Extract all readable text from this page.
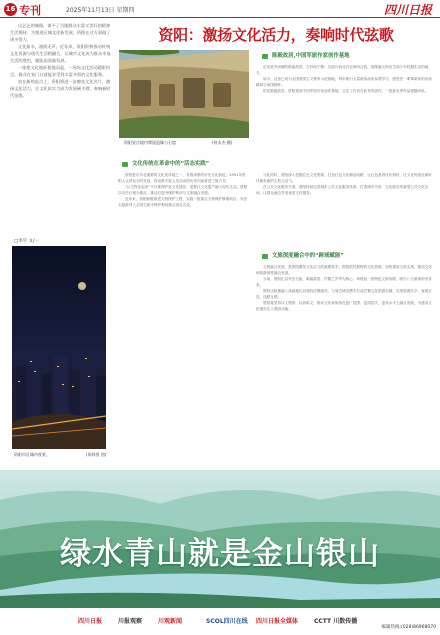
16 专刊	2025年11月13日 星期四	四川日报

山乞乞的城阁，寄予了当地群众丰富又美好的精神生活期待。为推进区域文化新发展，资阳在这方面做了诸多努力。

文化如水，滋润无声。近年来，资阳积极推动传统文化资源与现代生活相融合，让城市文化成为群众幸福生活的底色，赋能高质量发展。

一座座文化地标拔地而起，一场场文化活动精彩纷呈，群众在家门口就能享受到丰富多彩的文化服务。

站在新的起点上，资阳将进一步擦亮文化名片，激扬文化活力，让文化软实力成为发展硬支撑，奏响新时代弦歌。

□李宇 文/一
资阳市区城市夜景。	(资料图 图)
资阳：激扬文化活力，奏响时代弦歌
资阳安岳境内摩崖造像与石窟	(何永杰 摄)
陈毅故居,中国军旅作家创作基地

乐至县劳动镇的陈毅故居，古朴而宁静。这座川西北式农家四合院，是陈毅元帅出生和少年时期生活的地方。

如今，这里已成为全国爱国主义教育示范基地，每年吸引大量游客前来参观学习，感受老一辈革命家的崇高精神与家国情怀。

依托陈毅故居，资阳建成中国军旅作家创作基地，文艺工作者在此采风创作，一批批优秀作品相继问世。

文化传统在革命中的“活态实践”

资阳是川东北重要的文化发祥地之一，有着深厚的历史文化积淀，1951年资阳人头骨化石的发现，将成都平原人类活动的历史向前推进了数万年。

“让文物活起来”不仅要保护好文化遗存，更要让文化遗产融入现代生活。资阳以安岳石刻为重点，推动石窟寺保护利用与文旅融合发展。

近年来，资阳积极推进文物保护工程，实施一批重点文物保护修缮项目，安岳石窟被列入全国石窟寺保护利用重点项目名录。

与此同时，资阳深入挖掘红色文化资源，打造红色文化精品线路，让红色基因代代相传，让文化传统在新时代焕发新的生机与活力。

在公共文化服务方面，资阳持续完善城乡公共文化服务体系，打造城市书房、文化驿站等新型公共文化空间，让群众就近享受优质文化服务。

文旅深度融合中的“跨域赋能”

文旅融合发展，是资阳激发文化活力的重要抓手。资阳依托独特的文化资源，加快建设文旅名城，推动文化和旅游深度融合发展。

当前，资阳正以安岳石窟、陈毅故居、柠檬之乡等为核心，串联起一批特色文旅线路，吸引八方游客纷至沓来。

资阳还积极融入成渝地区双城经济圈建设，与周边城市携手打造巴蜀文化旅游走廊，实现资源共享、客源互送、线路互联。

资阳将坚持以文塑旅、以旅彰文，推动文化和旅游在更广范围、更深层次、更高水平上融合发展，为建设文化强市注入强劲动能。

绿水青山就是金山银山
四川日报	川报观察	川观新闻	SCOL四川在线 四川日报全媒体	CCTT 川数传播
编辑热线:(028)86968070
